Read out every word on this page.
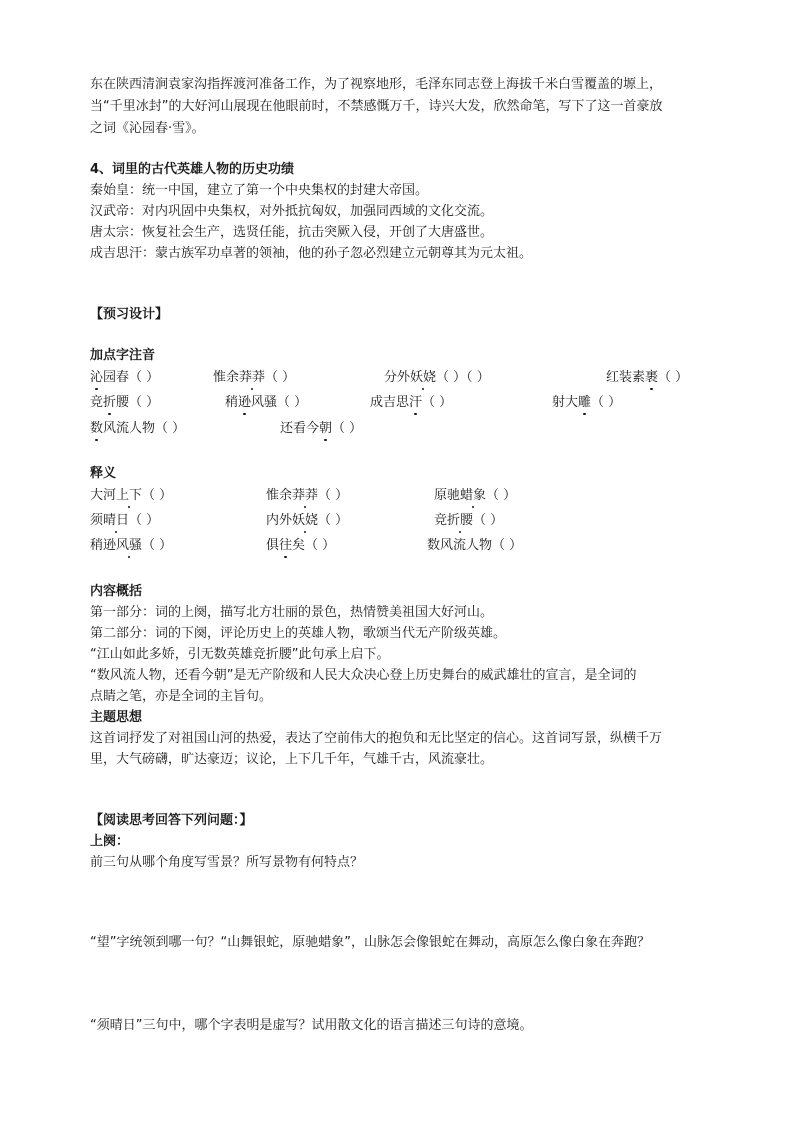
东在陕西清涧袁家沟指挥渡河准备工作，为了视察地形，毛泽东同志登上海拔千米白雪覆盖的塬上，
当“千里冰封”的大好河山展现在他眼前时，不禁感慨万千，诗兴大发，欣然命笔，写下了这一首豪放
之词《沁园春·雪》。
4、词里的古代英雄人物的历史功绩
秦始皇：统一中国，建立了第一个中央集权的封建大帝国。
汉武帝：对内巩固中央集权，对外抵抗匈奴，加强同西域的文化交流。
唐太宗：恢复社会生产，选贤任能，抗击突厥入侵，开创了大唐盛世。
成吉思汗：蒙古族军功卓著的领袖，他的孙子忽必烈建立元朝尊其为元太祖。
【预习设计】
加点字注音
沁园春（ ）	惟余莽莽（ ）	分外妖娆（ ）（ ）	红装素裹（ ）
竞折腰（ ）	稍逊风骚（ ）	成吉思汗（ ）	射大雕（ ）
数风流人物（ ）	还看今朝（ ）
释义
大河上下（ ）	惟余莽莽（ ）	原驰蜡象（ ）
须晴日（ ）	内外妖娆（ ）	竞折腰（ ）
稍逊风骚（ ）	俱往矣（ ）	数风流人物（ ）
内容概括
第一部分：词的上阕，描写北方壮丽的景色，热情赞美祖国大好河山。
第二部分：词的下阕，评论历史上的英雄人物，歌颂当代无产阶级英雄。
“江山如此多娇，引无数英雄竞折腰”此句承上启下。
“数风流人物，还看今朝”是无产阶级和人民大众决心登上历史舞台的威武雄壮的宣言，是全词的
点睛之笔，亦是全词的主旨句。
主题思想
这首词抒发了对祖国山河的热爱，表达了空前伟大的抱负和无比坚定的信心。这首词写景，纵横千万
里，大气磅礴，旷达豪迈；议论，上下几千年，气雄千古，风流豪壮。
【阅读思考回答下列问题：】
上阕：
前三句从哪个角度写雪景？所写景物有何特点？
“望”字统领到哪一句？“山舞银蛇，原驰蜡象”，山脉怎会像银蛇在舞动，高原怎么像白象在奔跑？
“须晴日”三句中，哪个字表明是虚写？试用散文化的语言描述三句诗的意境。
